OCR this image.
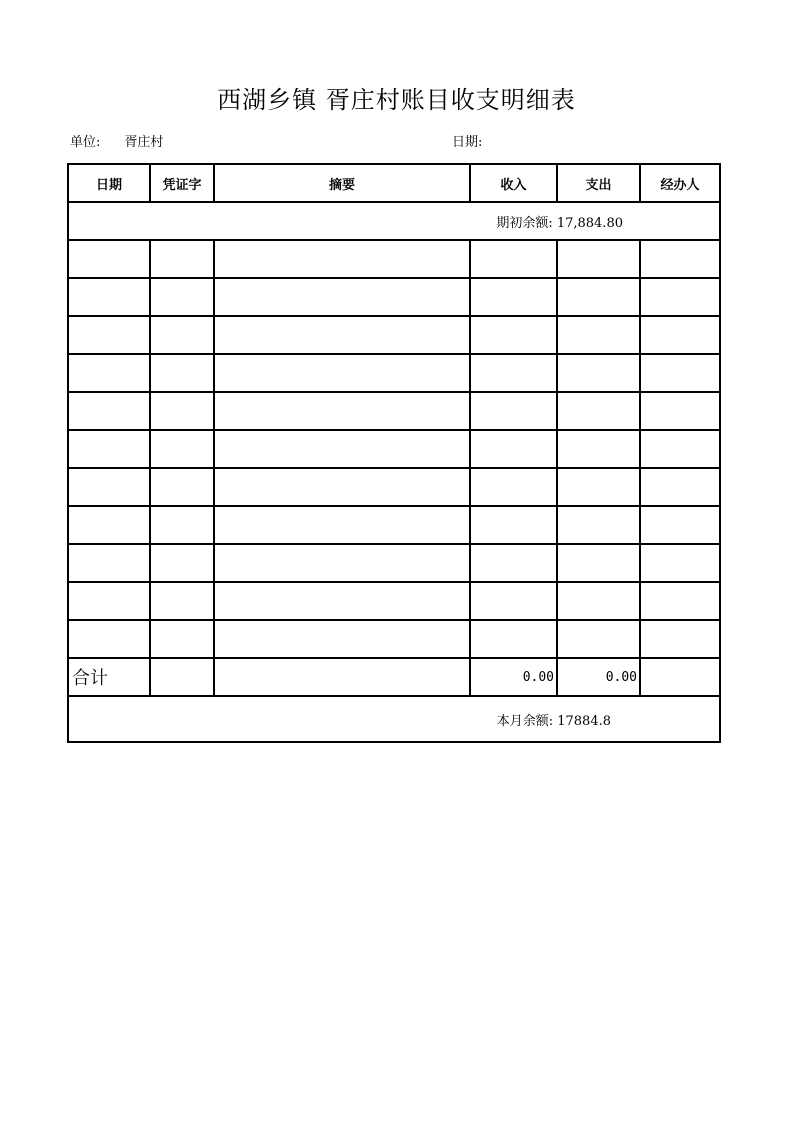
西湖乡镇 胥庄村账目收支明细表
单位: 胥庄村	日期:
日期	凭证字	摘要	收入	支出	经办人
期初余额: 17,884.80					

合计			0.00	0.00	
本月余额: 17884.8					
